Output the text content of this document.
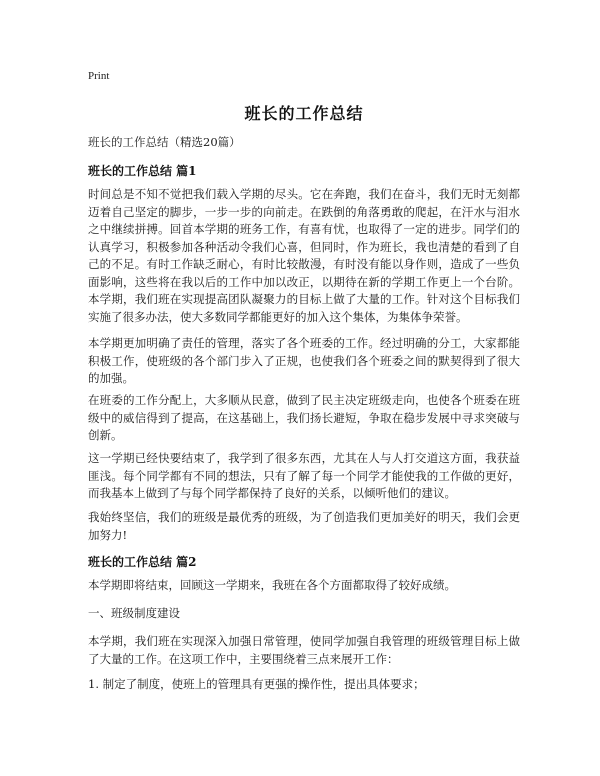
Print
班长的工作总结
班长的工作总结（精选20篇）
班长的工作总结 篇1
时间总是不知不觉把我们载入学期的尽头。它在奔跑，我们在奋斗，我们无时无刻都迈着自己坚定的脚步，一步一步的向前走。在跌倒的角落勇敢的爬起，在汗水与泪水之中继续拼搏。回首本学期的班务工作，有喜有忧，也取得了一定的进步。同学们的认真学习，积极参加各种活动令我们心喜，但同时，作为班长，我也清楚的看到了自己的不足。有时工作缺乏耐心，有时比较散漫，有时没有能以身作则，造成了一些负面影响，这些将在我以后的工作中加以改正，以期待在新的学期工作更上一个台阶。本学期，我们班在实现提高团队凝聚力的目标上做了大量的工作。针对这个目标我们实施了很多办法，使大多数同学都能更好的加入这个集体，为集体争荣誉。
本学期更加明确了责任的管理，落实了各个班委的工作。经过明确的分工，大家都能积极工作，使班级的各个部门步入了正规，也使我们各个班委之间的默契得到了很大的加强。
在班委的工作分配上，大多顺从民意，做到了民主决定班级走向，也使各个班委在班级中的威信得到了提高，在这基础上，我们扬长避短，争取在稳步发展中寻求突破与创新。
这一学期已经快要结束了，我学到了很多东西，尤其在人与人打交道这方面，我获益匪浅。每个同学都有不同的想法，只有了解了每一个同学才能使我的工作做的更好，而我基本上做到了与每个同学都保持了良好的关系，以倾听他们的建议。
我始终坚信，我们的班级是最优秀的班级，为了创造我们更加美好的明天，我们会更加努力!
班长的工作总结 篇2
本学期即将结束，回顾这一学期来，我班在各个方面都取得了较好成绩。
一、班级制度建设
本学期，我们班在实现深入加强日常管理，使同学加强自我管理的班级管理目标上做了大量的工作。在这项工作中，主要围绕着三点来展开工作：
1. 制定了制度，使班上的管理具有更强的操作性，提出具体要求；
